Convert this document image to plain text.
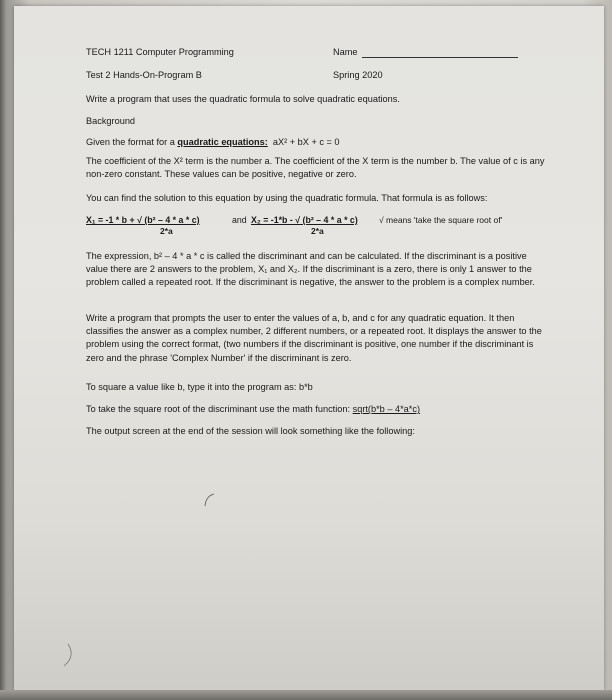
TECH 1211 Computer Programming	Name
Test 2 Hands-On-Program B	Spring 2020
Write a program that uses the quadratic formula to solve quadratic equations.
Background
Given the format for a quadratic equations: aX² + bX + c = 0
The coefficient of the X² term is the number a. The coefficient of the X term is the number b. The value of c is any non-zero constant. These values can be positive, negative or zero.
You can find the solution to this equation by using the quadratic formula. That formula is as follows:
X₁ = -1 * b + √ (b² – 4 * a * c)	and X₂ = -1*b - √ (b² – 4 * a * c) √ means 'take the square root of'
2*a	2*a
The expression, b² – 4 * a * c is called the discriminant and can be calculated. If the discriminant is a positive value there are 2 answers to the problem, X₁ and X₂. If the discriminant is a zero, there is only 1 answer to the problem called a repeated root. If the discriminant is negative, the answer to the problem is a complex number.
Write a program that prompts the user to enter the values of a, b, and c for any quadratic equation. It then classifies the answer as a complex number, 2 different numbers, or a repeated root. It displays the answer to the problem using the correct format, (two numbers if the discriminant is positive, one number if the discriminant is zero and the phrase 'Complex Number' if the discriminant is zero.
To square a value like b, type it into the program as: b*b
To take the square root of the discriminant use the math function: sqrt(b*b – 4*a*c)
The output screen at the end of the session will look something like the following:
